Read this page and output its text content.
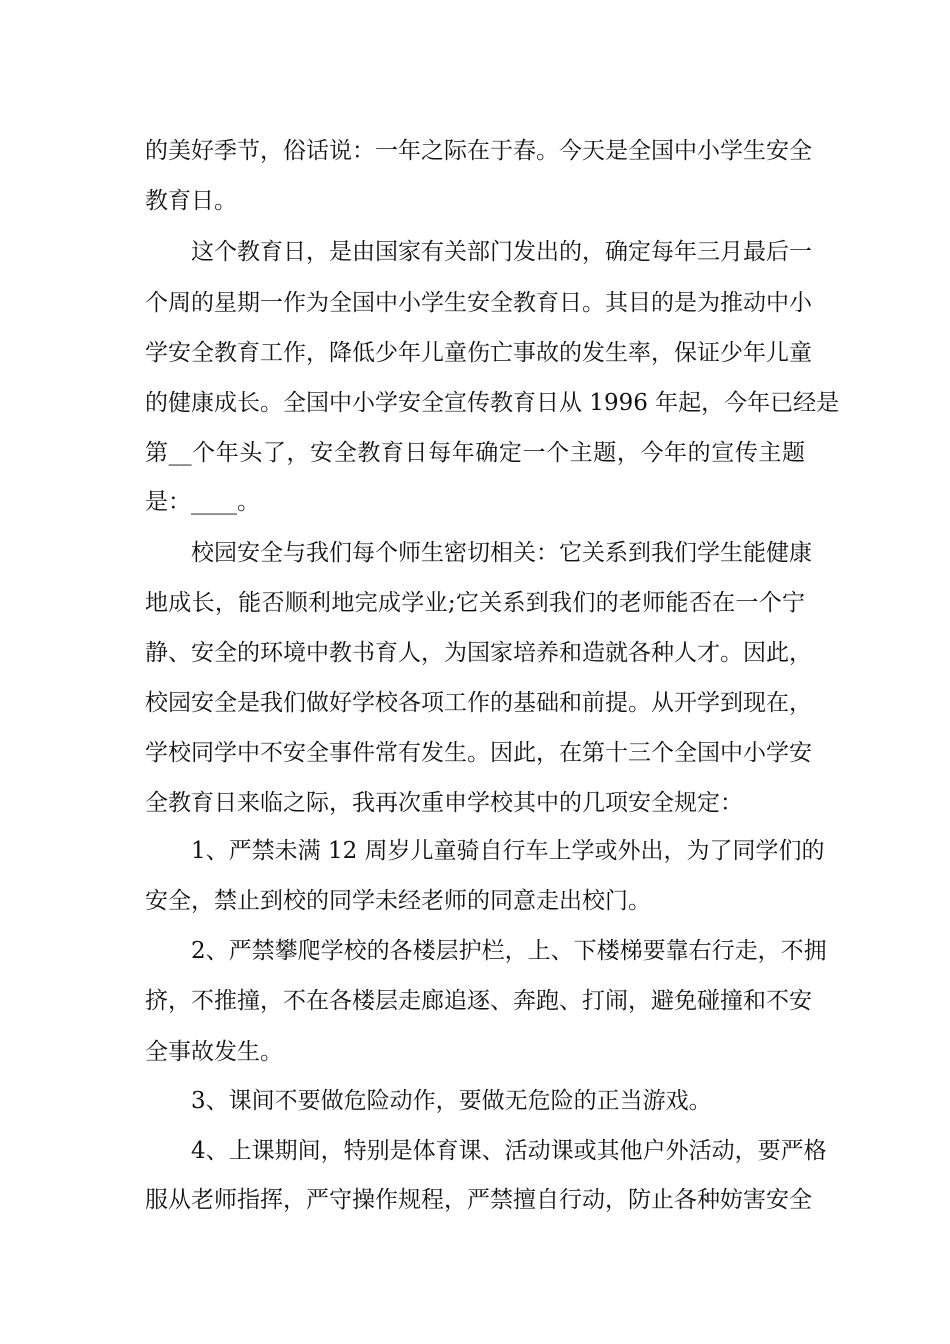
的美好季节，俗话说：一年之际在于春。今天是全国中小学生安全
教育日。
这个教育日，是由国家有关部门发出的，确定每年三月最后一
个周的星期一作为全国中小学生安全教育日。其目的是为推动中小
学安全教育工作，降低少年儿童伤亡事故的发生率，保证少年儿童
的健康成长。全国中小学安全宣传教育日从 1996 年起，今年已经是
第__个年头了，安全教育日每年确定一个主题，今年的宣传主题
是：____。
校园安全与我们每个师生密切相关：它关系到我们学生能健康
地成长，能否顺利地完成学业;它关系到我们的老师能否在一个宁
静、安全的环境中教书育人，为国家培养和造就各种人才。因此，
校园安全是我们做好学校各项工作的基础和前提。从开学到现在，
学校同学中不安全事件常有发生。因此，在第十三个全国中小学安
全教育日来临之际，我再次重申学校其中的几项安全规定：
1、严禁未满 12 周岁儿童骑自行车上学或外出，为了同学们的
安全，禁止到校的同学未经老师的同意走出校门。
2、严禁攀爬学校的各楼层护栏，上、下楼梯要靠右行走，不拥
挤，不推撞，不在各楼层走廊追逐、奔跑、打闹，避免碰撞和不安
全事故发生。
3、课间不要做危险动作，要做无危险的正当游戏。
4、上课期间，特别是体育课、活动课或其他户外活动，要严格
服从老师指挥，严守操作规程，严禁擅自行动，防止各种妨害安全
